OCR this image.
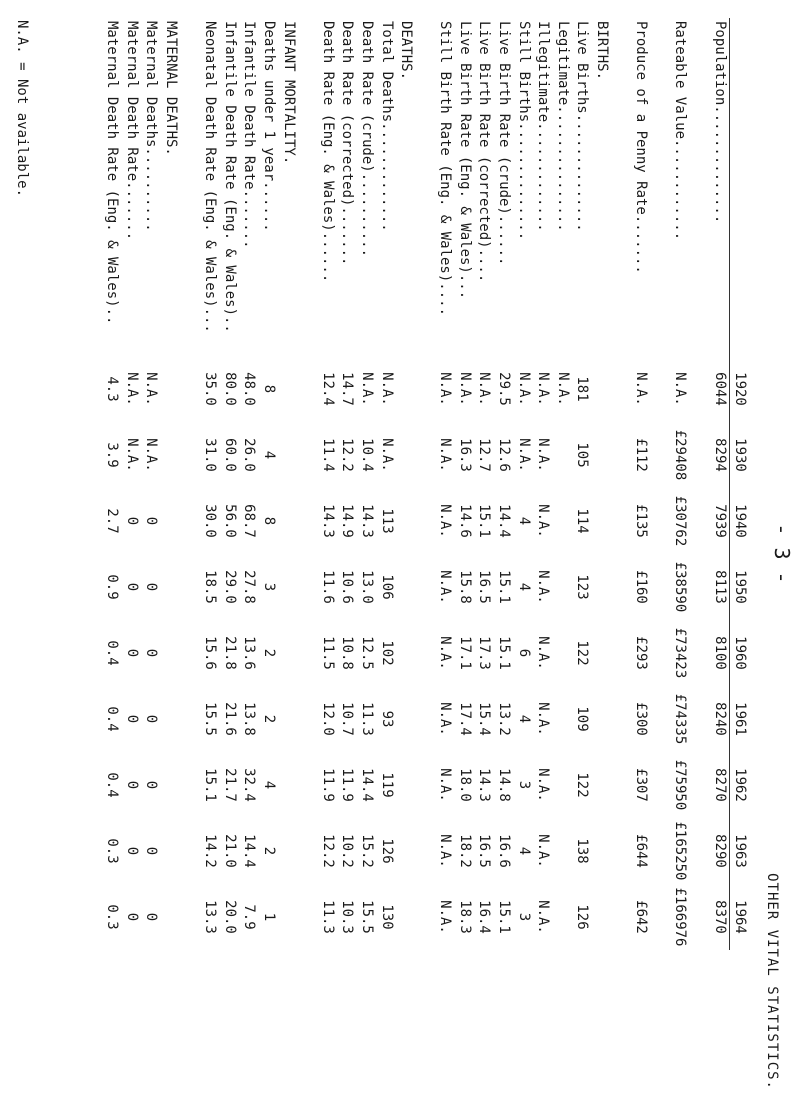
- 3 -
OTHER VITAL STATISTICS.
	1920	1930	1940	1950	1960	1961	1962	1963	1964
Population..............	6044	8294	7939	8113	8100	8240	8270	8290	8370

Rateable Value............	N.A.	£29408	£30762	£38590	£73423	£74335	£75950	£165250	£166976

Produce of a Penny Rate.......	N.A.	£112	£135	£160	£293	£300	£307	£644	£642

BIRTHS.									
Live Births..............	181	105	114	123	122	109	122	138	126
Legitimate...............	N.A.								
Illegitimate.............	N.A.	N.A.	N.A.	N.A.	N.A.	N.A.	N.A.	N.A.	N.A.
Still Births..............	N.A.	N.A.	4	4	6	4	3	4	3
Live Birth Rate (crude)......	29.5	12.6	14.4	15.1	15.1	13.2	14.8	16.6	15.1
Live Birth Rate (corrected)....	N.A.	12.7	15.1	16.5	17.3	15.4	14.3	16.5	16.4
Live Birth Rate (Eng. & Wales)...	N.A.	16.3	14.6	15.8	17.1	17.4	18.0	18.2	18.3
Still Birth Rate (Eng. & Wales)....	N.A.	N.A.	N.A.	N.A.	N.A.	N.A.	N.A.	N.A.	N.A.

DEATHS.									
Total Deaths.............	N.A.	N.A.	113	106	102	93	119	126	130
Death Rate (crude)..........	N.A.	10.4	14.3	13.0	12.5	11.3	14.4	15.2	15.5
Death Rate (corrected).......	14.7	12.2	14.9	10.6	10.8	10.7	11.9	10.2	10.3
Death Rate (Eng. & Wales)......	12.4	11.4	14.3	11.6	11.5	12.0	11.9	12.2	11.3

INFANT MORTALITY.									
Deaths under 1 year......	8	4	8	3	2	2	4	2	1
Infantile Death Rate.......	48.0	26.0	68.7	27.8	13.6	13.8	32.4	14.4	7.9
Infantile Death Rate (Eng. & Wales)..	80.0	60.0	56.0	29.0	21.8	21.6	21.7	21.0	20.0
Neonatal Death Rate (Eng. & Wales)...	35.0	31.0	30.0	18.5	15.6	15.5	15.1	14.2	13.3

MATERNAL DEATHS.									
Maternal Deaths..........	N.A.	N.A.	0	0	0	0	0	0	0
Maternal Death Rate.......	N.A.	N.A.	0	0	0	0	0	0	0
Maternal Death Rate (Eng. & Wales)..	4.3	3.9	2.7	0.9	0.4	0.4	0.4	0.3	0.3
N.A. = Not available.
